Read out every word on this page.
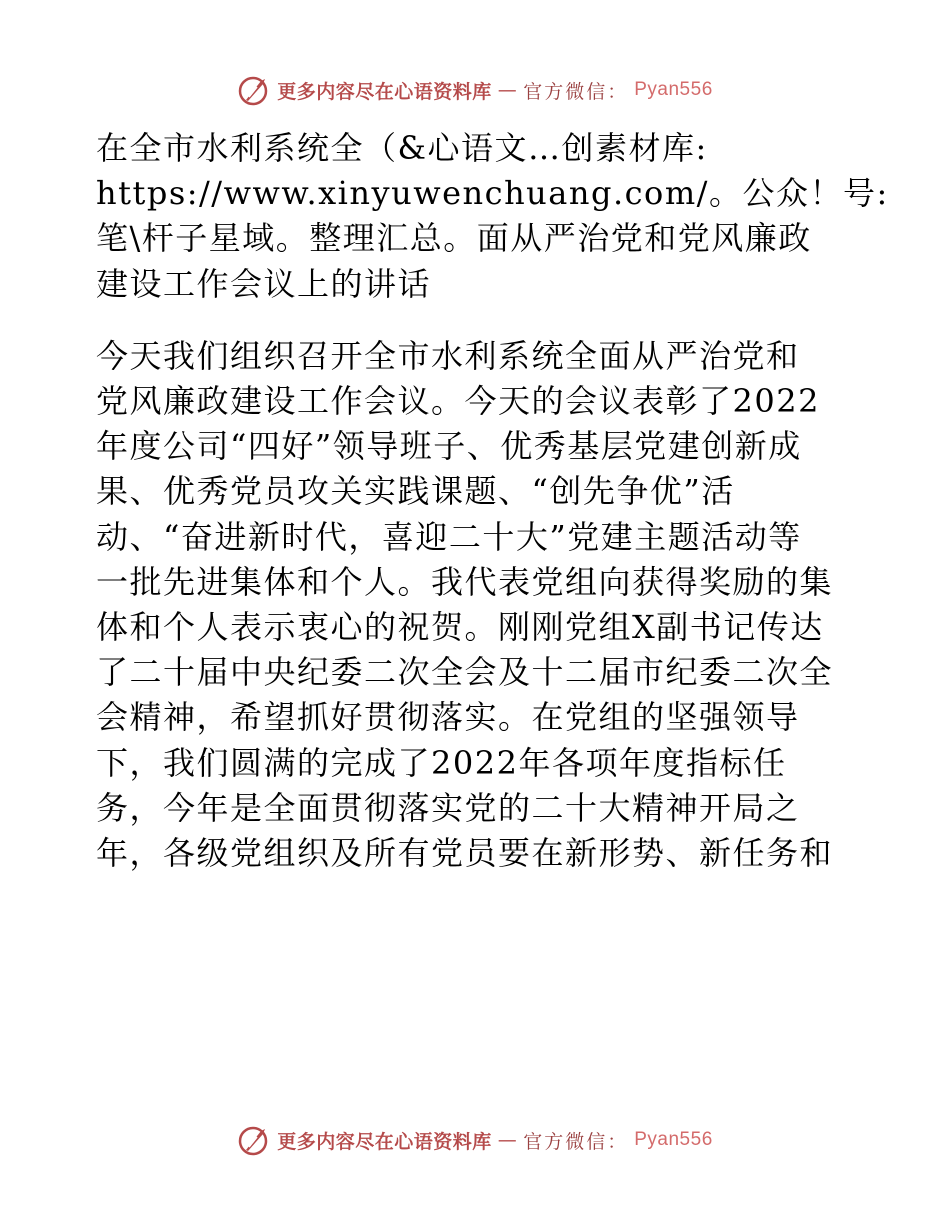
更多内容尽在心语资料库 — 官方微信： Pyan556

在全市水利系统全（&心语文…创素材库:
https://www.xinyuwenchuang.com/。公众！号:
笔\杆子星域。整理汇总。面从严治党和党风廉政
建设工作会议上的讲话

今天我们组织召开全市水利系统全面从严治党和
党风廉政建设工作会议。今天的会议表彰了2022
年度公司“四好”领导班子、优秀基层党建创新成
果、优秀党员攻关实践课题、“创先争优”活
动、“奋进新时代，喜迎二十大”党建主题活动等
一批先进集体和个人。我代表党组向获得奖励的集
体和个人表示衷心的祝贺。刚刚党组X副书记传达
了二十届中央纪委二次全会及十二届市纪委二次全
会精神，希望抓好贯彻落实。在党组的坚强领导
下，我们圆满的完成了2022年各项年度指标任
务，今年是全面贯彻落实党的二十大精神开局之
年，各级党组织及所有党员要在新形势、新任务和

更多内容尽在心语资料库 — 官方微信： Pyan556
